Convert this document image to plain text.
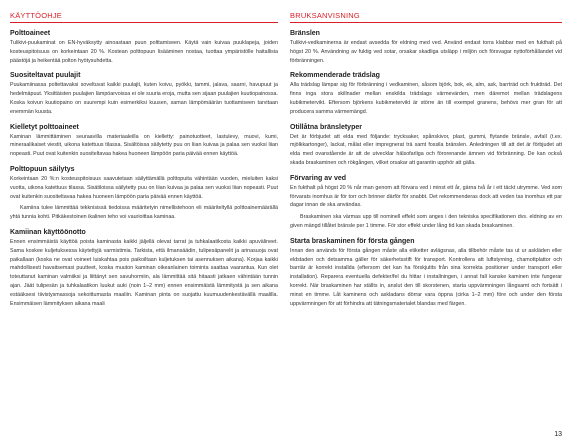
KÄYTTÖOHJE
Polttoaineet

Tulikivi-puukaminat on EN-hyväksytty ainoastaan puun polttamiseen. Käytä vain kuivaa puuklapeja, joiden kosteuspitoisuus on korkeintaan 20 %. Kostean polttopuun lisääminen nostaa, tuottaa ympäristölle haitallisia päästöjä ja heikentää polton hyötysuhdetta.

Suositeltavat puulajit

Puukamiinassa poltettavaksi soveltuvat kaikki puulajit, kuten koivu, pyökki, tammi, jalava, saarni, havupuut ja hedelmäpuut. Yksittäisten puulajien lämpöarvoissa ei ole suuria eroja, mutta sen sijaan puulajien kuutiopainossa. Koska koivun kuutiopaino on suurempi kuin esimerkiksi kuusen, saman lämpömäärän tuottamiseen tarvitaan enemmän kuusta.

Kielletyt polttoaineet

Kaminan lämmittäminen seuraavilla materiaaleilla on kielletty: painotuotteet, lastulevy, muovi, kumi, mineraalikaiset viestit, uikona katettuus tilassa. Sisältöissa säilytetty puu on liian kuivaa ja palaa sen vuoksi liian nopeasti. Puut ovat kuitenkin suositeltavaa hakea huoneen lämpöön paria päivää ennen käyttöä.

Polttopuun säilytys

Korkeintaan 20 %:n kosteuspitoisuus saavutetaan säilyttämällä polttopuita vähintään vuoden, mieluiten kaksi vuotta, uikona katettuus tilassa. Sisätiloissa säilytetty puu on liian kuivaa ja palaa sen vuoksi liian nopeasti. Puut ovat kuitenkin suositeltavaa hakea huoneen lämpöön paria päivää ennen käyttöä.

Kamiina tulee lämmittää tekknisissä tiedoissa määritetyin nimellistehoon eli määriteltyllä polttoainemäärällä yhtä tunnia kohti. Pitkäkestoinen ikalinen teho voi vaurioittaa kaminaa.

Kamiinan käyttöönotto

Ennen ensimmäistä käyttöä poista kaminasta kaikki jäljellä olevat tarrat ja tuhkalaatikosta kaikki apuvälineet. Sama koskee kuljetuksessa käytettyjä varmistimia. Tarkista, että ilmansäädin, tulipesäpanelit ja arinasuoja ovat paikallaan (koska ne ovat voineet luiskahtaa pois paikoiltaan kuljetuksen tai asennuksen aikana). Korjaa kaikki mahdollisesti havaitsemasi puutteet, koska muuton kaminan oikeanlainen toiminta saattaa vaarantua. Kun olet toteuttanut kaminan valmiiksi ja liittänyt sen savuhormiin, ala lämmittää sitä hitaasti jatkaen vähintään tunnin ajan. Jäät tulipesän ja tuhkalaatikon luukut auki (noin 1–2 mm) ennen ensimmäistä lämmitystä ja sen aikana estääksesi tiivistysmassoja sekoittumasta maaliin. Kaminan pinta on suojattu kuumuudenkestävällä maalilla. Ensimmäisen lämmityksen aikana maali

BRUKSANVISNING
Bränslen

Tulikivi-vedkaminerna är endast avsedda för eldning med ved. Använd endast torra klabbar med en fukthalt på högst 20 %. Användning av fuktig ved sotar, orsakar skadliga utsläpp i miljön och försvagar nyttoförhållandet vid förbränningen.

Rekommenderade trädslag

Alla trädslag lämpar sig för förbränning i vedkaminen, såsom björk, bok, ek, alm, ask, barrträd och fruktträd. Det finns inga stora skillnader mellan enskilda trädslags värmevärden, men däremot mellan trädslagens kubikmetervikt. Eftersom björkens kubikmetervikt är större än till exempel granens, behövs mer gran för att producera samma värmemängd.

Otillåtna bränsletyper

Det är förbjudet att elda med följande: trycksaker, spånskivor, plast, gummi, flytande bränsle, avfall (t.ex. mjölkkartonger), lackat, målat eller impregnerat trä samt fossila bränslen. Anledningen till att det är förbjudet att elda med ovanstående är att de utvecklar hälsofarliga och förorenande ämnen vid förbränning. De kan också skada braskaminen och rökgången, vilket orsakar att garantin upphör att gälla.

Förvaring av ved

En fukthalt på högst 20 % når man genom att förvara ved i minst ett år, gärna två år i ett täckt utrymme. Ved som förvarats inomhus är för torr och brinner därför för snabbt. Det rekommenderas dock att veden tas inomhus ett par dagar innan de ska användas.

Braskaminen ska värmas upp till nominell effekt som anges i den tekniska specifikationen dvs. eldning av en given mängd tillåtet bränsle per 1 timme. För stor effekt under lång tid kan skada braskaminen.

Starta braskaminen för första gången

Innan den används för första gången måste alla etiketter avlägsnas, alla tillbehör måste tas ut ur askläden eller eldstaden och detsamma gäller för säkerhetsstift för transport. Kontrollera att luftstyrning, chamottplattor och barriär är korrekt installda (eftersom det kan ha förskjutits från sina korrekta positioner under transport eller installation). Reparera eventuella defekter/fel du hittar i installningen, i annat fall kanske kaminen inte fungerar korrekt. När braskaminen har ställts in, anslut den till skorstenen, starta uppvärmningen långsamt och fortsätt i minst en timme. Låt kaminens och askladans dörrar vara öppna (cirka 1–2 mm) före och under den första uppvärmningen för att förhindra att tätningsmaterialet blandas med färgen.

13
